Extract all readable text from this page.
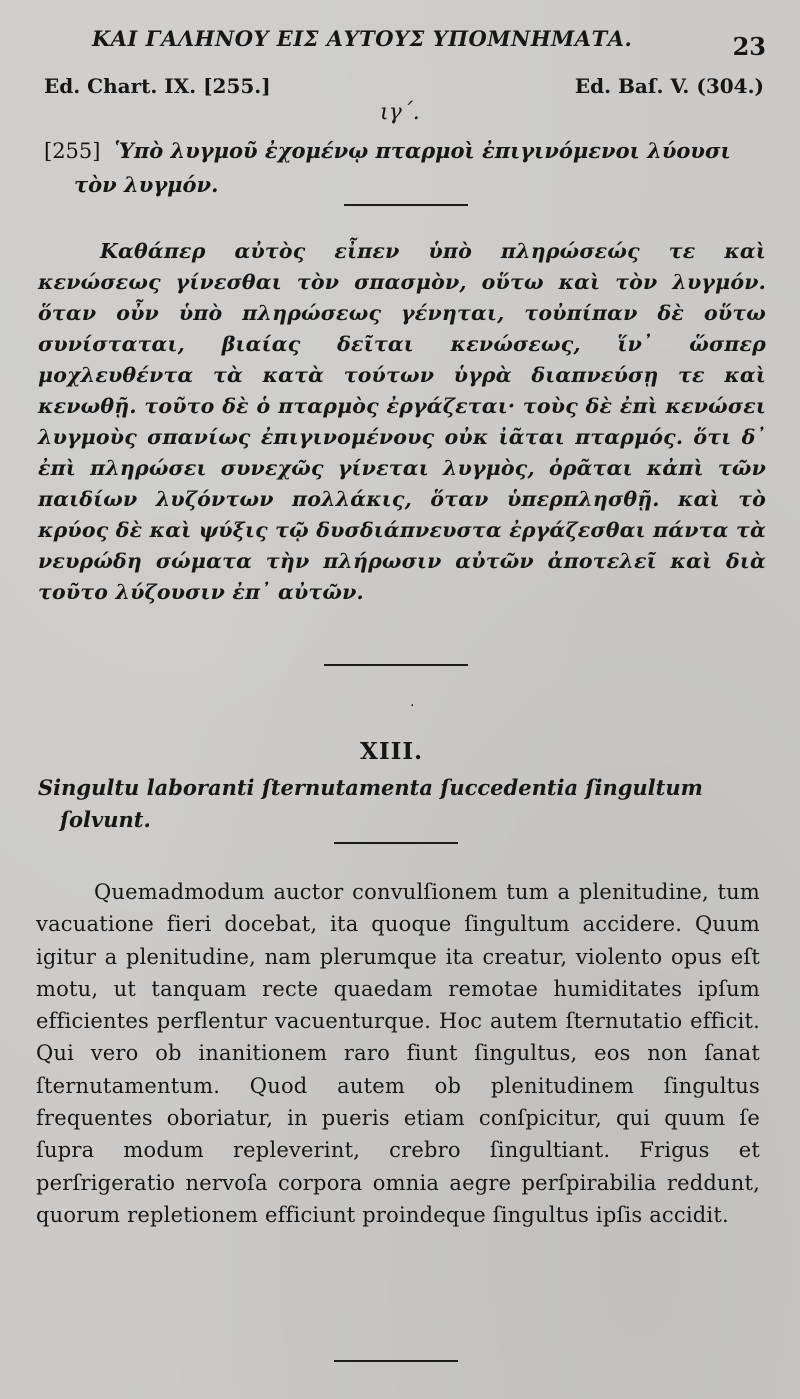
ΚΑΙ ΓΑΛΗΝΟΥ ΕΙΣ ΑΥΤΟΥΣ ΥΠΟΜΝΗΜΑΤΑ.	23
Ed. Chart. IX. [255.]	Ed. Baſ. V. (304.)
ιγ΄.

[255] Ὑπὸ λυγμοῦ ἐχομένῳ πταρμοὶ ἐπιγινόμενοι λύουσι
τὸν λυγμόν.

Καθάπερ αὐτὸς εἶπεν ὑπὸ πληρώσεώς τε καὶ κενώσεως γίνεσθαι τὸν σπασμὸν, οὕτω καὶ τὸν λυγμόν. ὅταν οὖν ὑπὸ πληρώσεως γένηται, τοὐπίπαν δὲ οὕτω συνίσταται, βιαίας δεῖται κενώσεως, ἵν᾽ ὥσπερ μοχλευθέντα τὰ κατὰ τούτων ὑγρὰ διαπνεύσῃ τε καὶ κενωθῇ. τοῦτο δὲ ὁ πταρμὸς ἐργάζεται· τοὺς δὲ ἐπὶ κενώσει λυγμοὺς σπανίως ἐπιγινομένους οὐκ ἰᾶται πταρμός. ὅτι δ᾽ ἐπὶ πληρώσει συνεχῶς γίνεται λυγμὸς, ὁρᾶται κἀπὶ τῶν παιδίων λυζόντων πολλάκις, ὅταν ὑπερπλησθῇ. καὶ τὸ κρύος δὲ καὶ ψύξις τῷ δυσδιάπνευστα ἐργάζεσθαι πάντα τὰ νευρώδη σώματα τὴν πλήρωσιν αὐτῶν ἀποτελεῖ καὶ διὰ τοῦτο λύζουσιν ἐπ᾽ αὐτῶν.

.
XIII.

Singultu laboranti ſternutamenta ſuccedentia ſingultum
ſolvunt.

Quemadmodum auctor convulſionem tum a plenitudine, tum vacuatione fieri docebat, ita quoque ſingultum accidere. Quum igitur a plenitudine, nam plerumque ita creatur, violento opus eſt motu, ut tanquam recte quaedam remotae humiditates ipſum efficientes perflentur vacuenturque. Hoc autem ſternutatio efficit. Qui vero ob inanitionem raro fiunt ſingultus, eos non ſanat ſternutamentum. Quod autem ob plenitudinem ſingultus frequentes oboriatur, in pueris etiam conſpicitur, qui quum ſe ſupra modum repleverint, crebro ſingultiant. Frigus et perſrigeratio nervoſa corpora omnia aegre perſpirabilia reddunt, quorum repletionem efficiunt proindeque ſingultus ipſis accidit.
